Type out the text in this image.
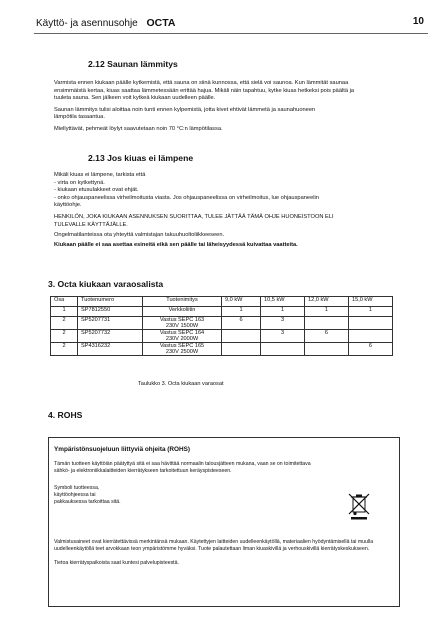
Käyttö- ja asennusohje OCTA	10
2.12 Saunan lämmitys
Varmista ennen kiukaan päälle kytkemistä, että sauna on siinä kunnossa, että sielä voi saunoa. Kun lämmität saunaa
ensimmäistä kertaa, kiuas saattaa lämmetessään erittää hajua. Mikäli näin tapahtuu, kytke kiuas hetkeksi pois päältä ja
tuuleta sauna. Sen jälkeen voit kytkeä kiukaan uudelleen päälle.
Saunan lämmitys tulisi aloittaa noin tunti ennen kylpemistä, jotta kivet ehtivät lämmetä ja saunahuoneen
lämpötila tasaantua.
Miellyttävät, pehmeät löylyt saavutetaan noin 70 °C:n lämpötilassa.
2.13 Jos kiuas ei lämpene
Mikäli kiuas ei lämpene, tarkista että
- virta on kytkettynä.
- kiukaan etusulakkeet ovat ehjät.
- onko ohjauspaneelissa virheilmoitusta viasta. Jos ohjauspaneelissa on virheilmoitus, lue ohjauspaneelin
käyttöohje.
HENKILÖN, JOKA KIUKAAN ASENNUKSEN SUORITTAA, TULEE JÄTTÄÄ TÄMÄ OHJE HUONEISTOON ELI
TULEVALLE KÄYTTÄJÄLLE.
Ongelmatilanteissa ota yhteyttä valmistajan takuuhuoltoliikkeeseen.
Kiukaan päälle ei saa asettaa esineitä eikä sen päälle tai läheisyydessä kuivattaa vaatteita.
3. Octa kiukaan varaosalista
Osa	Tuotenumero	Tuotenimitys	9,0 kW	10,5 kW	12,0 kW	15,0 kW
1	SP7812550	Verkkoliitin	1	1	1	1
2	SP5207731	Vastus SEPC 163
230V 1500W	6	3		
2	SP5207732	Vastus SEPC 164
230V 2000W		3	6	
2	SP4316232	Vastus SEPC 165
230V 2500W				6
Taulukko 3. Octa kiukaan varaosat
4. ROHS
Ympäristönsuojeluun liittyviä ohjeita (ROHS)
Tämän tuotteen käyttöiän päätyttyä sitä ei saa hävittää normaalin talousjätteen mukana, vaan se on toimitettava
sähkö- ja elektroniikkalaitteiden kierrätykseen tarkoitettuun keräyspisteeseen.
Symboli tuotteessa,
käyttöohjeessa tai
pakkauksessa tarkoittaa sitä.
Valmistusaineet ovat kierrätettävissä merkintänsä mukaan. Käytettyjen laitteiden uudelleenkäytöllä, materiaalien hyödyntämisellä tai muulla
uudelleenkäytöllä teet arvokkaan teon ympäristömme hyväksi. Tuote palautettaan liman kiuaskivillä ja verhouskivillä kierrätyskeskukseen.
Tietoa kierrätyspaikoista saat kuntesi palvelupisteestä.
